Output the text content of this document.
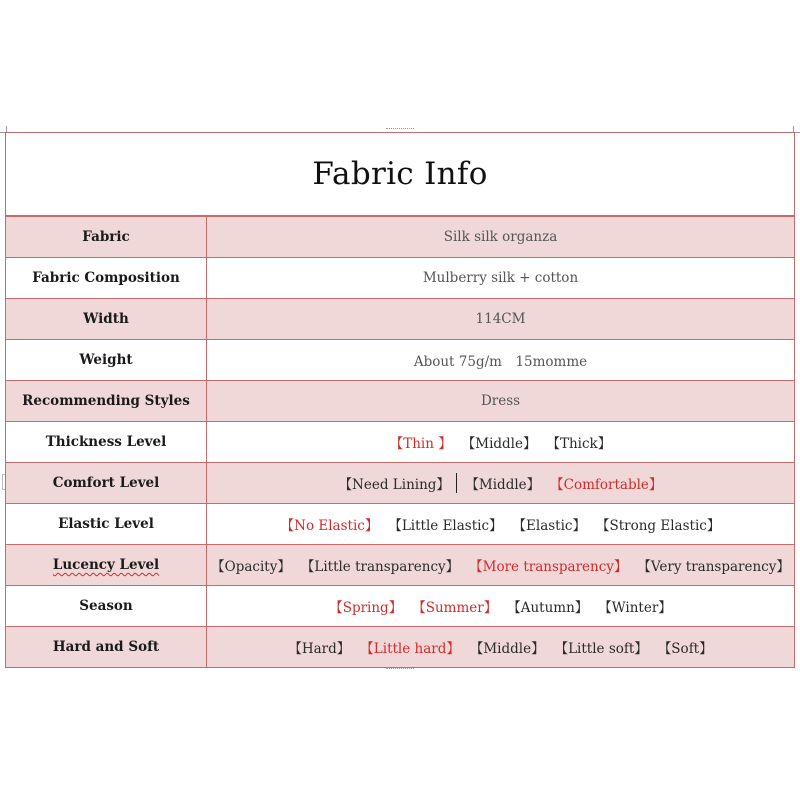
Fabric Info
Fabric	Silk silk organza
Fabric Composition	Mulberry silk + cotton
Width	114CM
Weight	About 75g/m　15momme
Recommending Styles	Dress
Thickness Level	【Thin 】 【Middle】 【Thick】
Comfort Level	【Need Lining】 【Middle】 【Comfortable】
Elastic Level	【No Elastic】 【Little Elastic】 【Elastic】 【Strong Elastic】
Lucency Level	【Opacity】 【Little transparency】 【More transparency】 【Very transparency】
Season	【Spring】 【Summer】 【Autumn】 【Winter】
Hard and Soft	【Hard】 【Little hard】 【Middle】 【Little soft】 【Soft】
